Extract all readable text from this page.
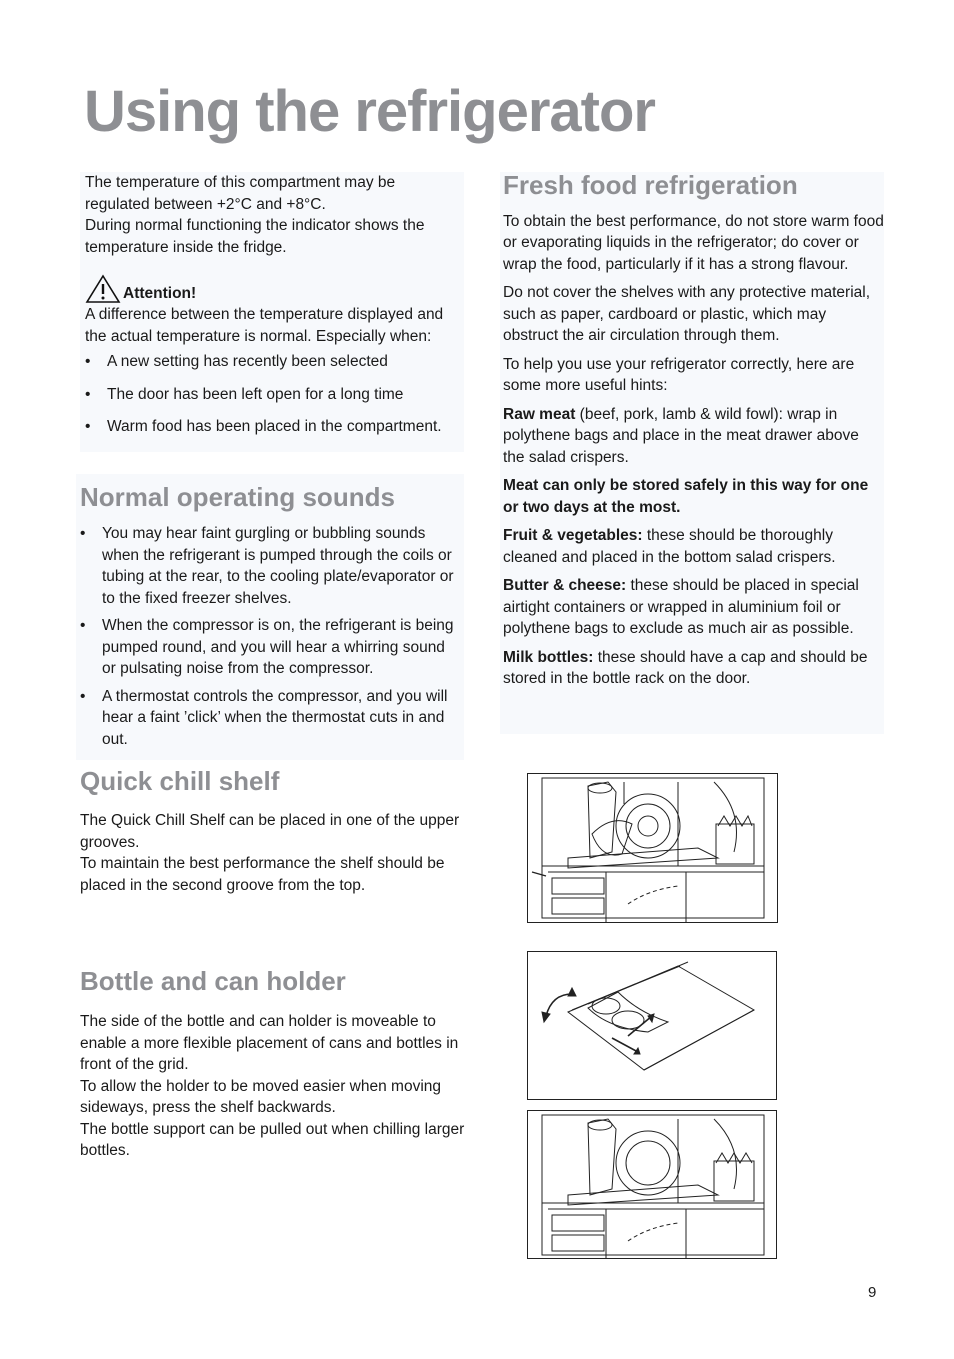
Using the refrigerator

The temperature of this compartment may be regulated between +2°C and +8°C.

During normal functioning the indicator shows the temperature inside the fridge.

Attention!

A difference between the temperature displayed and the actual temperature is normal. Especially when:

• A new setting has recently been selected
• The door has been left open for a long time
• Warm food has been placed in the compartment.
Normal operating sounds
• You may hear faint gurgling or bubbling sounds when the refrigerant is pumped through the coils or tubing at the rear, to the cooling plate/evaporator or to the fixed freezer shelves.
• When the compressor is on, the refrigerant is being pumped round, and you will hear a whirring sound or pulsating noise from the compressor.
• A thermostat controls the compressor, and you will hear a faint ’click’ when the thermostat cuts in and out.
Quick chill shelf

The Quick Chill Shelf can be placed in one of the upper grooves.

To maintain the best performance the shelf should be placed in the second groove from the top.

Bottle and can holder

The side of the bottle and can holder is moveable to enable a more flexible placement of cans and bottles in front of the grid.

To allow the holder to be moved easier when moving sideways, press the shelf backwards.

The bottle support can be pulled out when chilling larger bottles.

Fresh food refrigeration

To obtain the best performance, do not store warm food or evaporating liquids in the refrigerator; do cover or wrap the food, particularly if it has a strong flavour.

Do not cover the shelves with any protective material, such as paper, cardboard or plastic, which may obstruct the air circulation through them.

To help you use your refrigerator correctly, here are some more useful hints:

Raw meat (beef, pork, lamb & wild fowl): wrap in polythene bags and place in the meat drawer above the salad crispers.

Meat can only be stored safely in this way for one or two days at the most.

Fruit & vegetables: these should be thoroughly cleaned and placed in the bottom salad crispers.

Butter & cheese: these should be placed in special airtight containers or wrapped in aluminium foil or polythene bags to exclude as much air as possible.

Milk bottles: these should have a cap and should be stored in the bottle rack on the door.

9
